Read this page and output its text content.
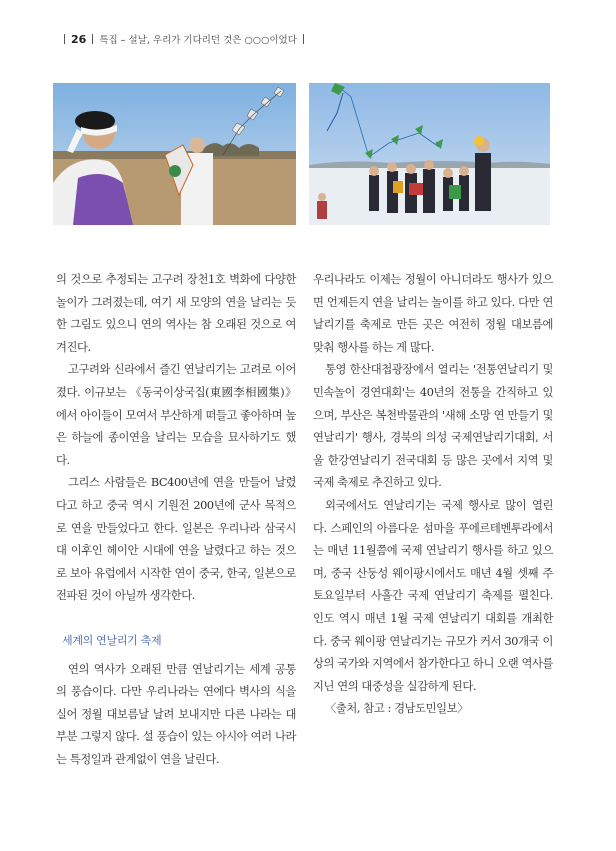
26 특집 – 설날, 우리가 기다리던 것은 ○○○이었다

의 것으로 추정되는 고구려 장천1호 벽화에 다양한 놀이가 그려졌는데, 여기 새 모양의 연을 날리는 듯한 그림도 있으니 연의 역사는 참 오래된 것으로 여겨진다.

고구려와 신라에서 즐긴 연날리기는 고려로 이어졌다. 이규보는 《동국이상국집(東國李相國集)》에서 아이들이 모여서 부산하게 떠들고 좋아하며 높은 하늘에 종이연을 날리는 모습을 묘사하기도 했다.

그리스 사람들은 BC400년에 연을 만들어 날렸다고 하고 중국 역시 기원전 200년에 군사 목적으로 연을 만들었다고 한다. 일본은 우리나라 삼국시대 이후인 헤이안 시대에 연을 날렸다고 하는 것으로 보아 유럽에서 시작한 연이 중국, 한국, 일본으로 전파된 것이 아닐까 생각한다.

세계의 연날리기 축제

연의 역사가 오래된 만큼 연날리기는 세계 공통의 풍습이다. 다만 우리나라는 연에다 벽사의 식을 실어 정월 대보름날 날려 보내지만 다른 나라는 대부분 그렇지 않다. 설 풍습이 있는 아시아 여러 나라는 특정일과 관계없이 연을 날린다.

우리나라도 이제는 정월이 아니더라도 행사가 있으면 언제든지 연을 날리는 놀이를 하고 있다. 다만 연날리기를 축제로 만든 곳은 여전히 정월 대보름에 맞춰 행사를 하는 게 많다.

통영 한산대첩광장에서 열리는 '전통연날리기 및 민속놀이 경연대회'는 40년의 전통을 간직하고 있으며, 부산은 복천박물관의 '새해 소망 연 만들기 및 연날리기' 행사, 경북의 의성 국제연날리기대회, 서울 한강연날리기 전국대회 등 많은 곳에서 지역 및 국제 축제로 추진하고 있다.

외국에서도 연날리기는 국제 행사로 많이 열린다. 스페인의 아름다운 섬마을 푸에르테벤투라에서는 매년 11월쯤에 국제 연날리기 행사를 하고 있으며, 중국 산둥성 웨이팡시에서도 매년 4월 셋째 주 토요일부터 사흘간 국제 연날리기 축제를 펼친다. 인도 역시 매년 1월 국제 연날리기 대회를 개최한다. 중국 웨이팡 연날리기는 규모가 커서 30개국 이상의 국가와 지역에서 참가한다고 하니 오랜 역사를 지닌 연의 대중성을 실감하게 된다.

〈출처, 참고 : 경남도민일보〉
